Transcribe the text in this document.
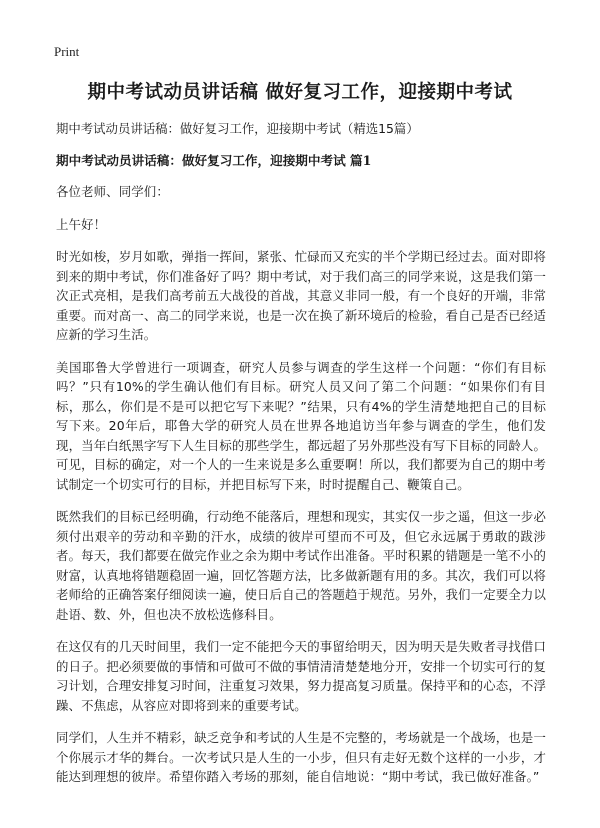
Print
期中考试动员讲话稿 做好复习工作，迎接期中考试

期中考试动员讲话稿：做好复习工作，迎接期中考试（精选15篇）

期中考试动员讲话稿：做好复习工作，迎接期中考试 篇1

各位老师、同学们：

上午好！

时光如梭，岁月如歌，弹指一挥间，紧张、忙碌而又充实的半个学期已经过去。面对即将到来的期中考试，你们准备好了吗？期中考试，对于我们高三的同学来说，这是我们第一次正式亮相，是我们高考前五大战役的首战，其意义非同一般，有一个良好的开端，非常重要。而对高一、高二的同学来说，也是一次在换了新环境后的检验，看自己是否已经适应新的学习生活。

美国耶鲁大学曾进行一项调查，研究人员参与调查的学生这样一个问题：“你们有目标吗？”只有10%的学生确认他们有目标。研究人员又问了第二个问题：“如果你们有目标，那么，你们是不是可以把它写下来呢？”结果，只有4%的学生清楚地把自己的目标写下来。20年后，耶鲁大学的研究人员在世界各地追访当年参与调查的学生，他们发现，当年白纸黑字写下人生目标的那些学生，都远超了另外那些没有写下目标的同龄人。可见，目标的确定，对一个人的一生来说是多么重要啊！所以，我们都要为自己的期中考试制定一个切实可行的目标，并把目标写下来，时时提醒自己、鞭策自己。

既然我们的目标已经明确，行动绝不能落后，理想和现实，其实仅一步之遥，但这一步必须付出艰辛的劳动和辛勤的汗水，成绩的彼岸可望而不可及，但它永远属于勇敢的跋涉者。每天，我们都要在做完作业之余为期中考试作出准备。平时积累的错题是一笔不小的财富，认真地将错题稳固一遍，回忆答题方法，比多做新题有用的多。其次，我们可以将老师给的正确答案仔细阅读一遍，使日后自己的答题趋于规范。另外，我们一定要全力以赴语、数、外，但也决不放松选修科目。

在这仅有的几天时间里，我们一定不能把今天的事留给明天，因为明天是失败者寻找借口的日子。把必须要做的事情和可做可不做的事情清清楚楚地分开，安排一个切实可行的复习计划，合理安排复习时间，注重复习效果，努力提高复习质量。保持平和的心态，不浮躁、不焦虑，从容应对即将到来的重要考试。

同学们，人生并不精彩，缺乏竞争和考试的人生是不完整的，考场就是一个战场，也是一个你展示才华的舞台。一次考试只是人生的一小步，但只有走好无数个这样的一小步，才能达到理想的彼岸。希望你踏入考场的那刻，能自信地说：“期中考试，我已做好准备。”
